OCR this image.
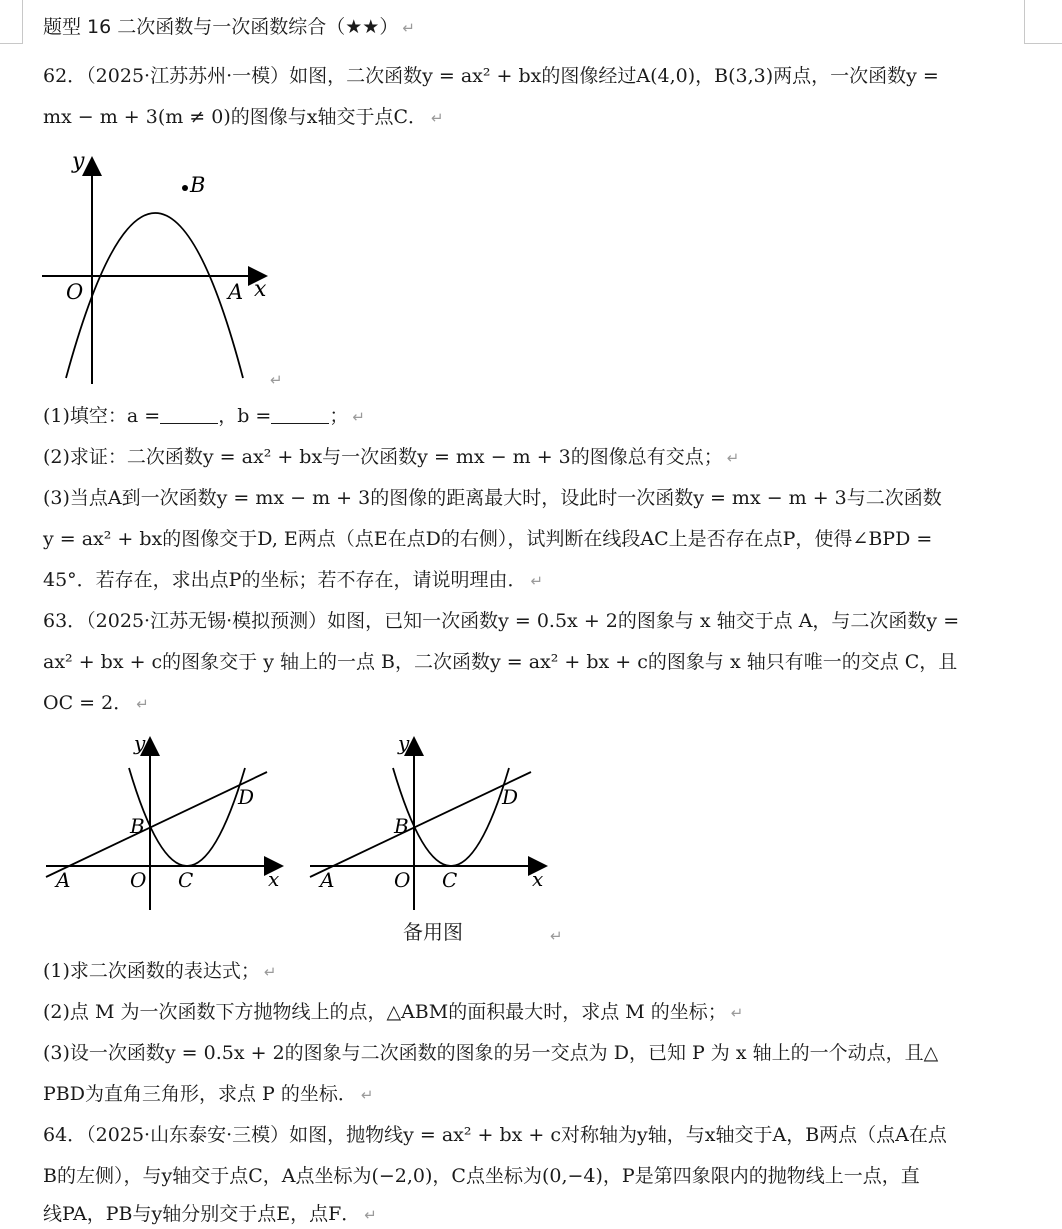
题型 16 二次函数与一次函数综合（★★） ↵
62．（2025·江苏苏州·一模）如图，二次函数y = ax² + bx的图像经过A(4,0)，B(3,3)两点，一次函数y =
mx − m + 3(m ≠ 0)的图像与x轴交于点C． ↵
y
x
O	A
B
↵
(1)填空：a =	，b =	； ↵
(2)求证：二次函数y = ax² + bx与一次函数y = mx − m + 3的图像总有交点； ↵
(3)当点A到一次函数y = mx − m + 3的图像的距离最大时，设此时一次函数y = mx − m + 3与二次函数
y = ax² + bx的图像交于D, E两点（点E在点D的右侧），试判断在线段AC上是否存在点P，使得∠BPD =
45°．若存在，求出点P的坐标；若不存在，请说明理由． ↵
63．（2025·江苏无锡·模拟预测）如图，已知一次函数y = 0.5x + 2的图象与 x 轴交于点 A，与二次函数y =
ax² + bx + c的图象交于 y 轴上的一点 B，二次函数y = ax² + bx + c的图象与 x 轴只有唯一的交点 C，且
OC = 2． ↵
y
x
A	O C
B
D
y
x
A	O C
B
D
备用图	↵
(1)求二次函数的表达式； ↵
(2)点 M 为一次函数下方抛物线上的点，△ABM的面积最大时，求点 M 的坐标； ↵
(3)设一次函数y = 0.5x + 2的图象与二次函数的图象的另一交点为 D，已知 P 为 x 轴上的一个动点，且△
PBD为直角三角形，求点 P 的坐标． ↵
64．（2025·山东泰安·三模）如图，抛物线y = ax² + bx + c对称轴为y轴，与x轴交于A，B两点（点A在点
B的左侧），与y轴交于点C，A点坐标为(−2,0)，C点坐标为(0,−4)，P是第四象限内的抛物线上一点，直
线PA，PB与y轴分别交于点E，点F． ↵
